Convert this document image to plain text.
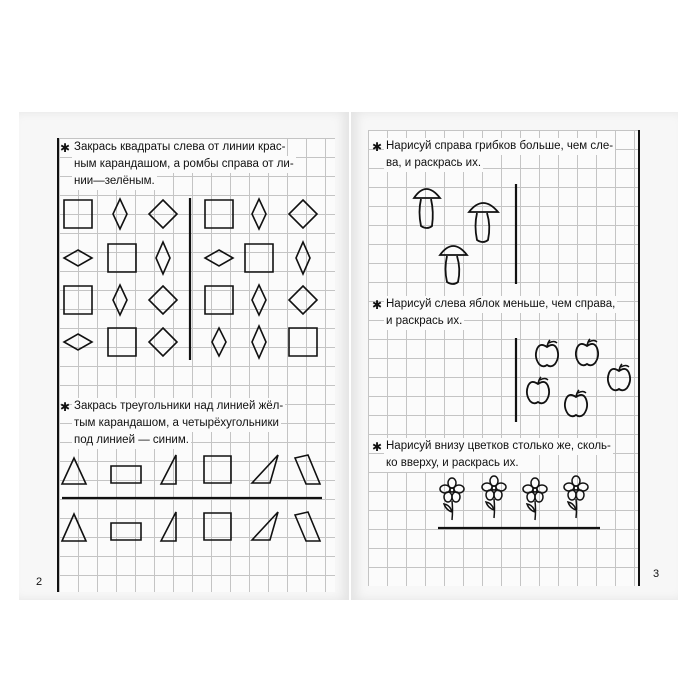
✱ Закрась квадраты слева от линии крас-
ным карандашом, а ромбы справа от ли-
нии—зелёным.
✱ Закрась треугольники над линией жёл-
тым карандашом, а четырёхугольники
под линией — синим.
2
✱ Нарисуй справа грибков больше, чем сле-
ва, и раскрась их.
✱ Нарисуй слева яблок меньше, чем справа,
и раскрась их.
✱ Нарисуй внизу цветков столько же, сколь-
ко вверху, и раскрась их.
3
